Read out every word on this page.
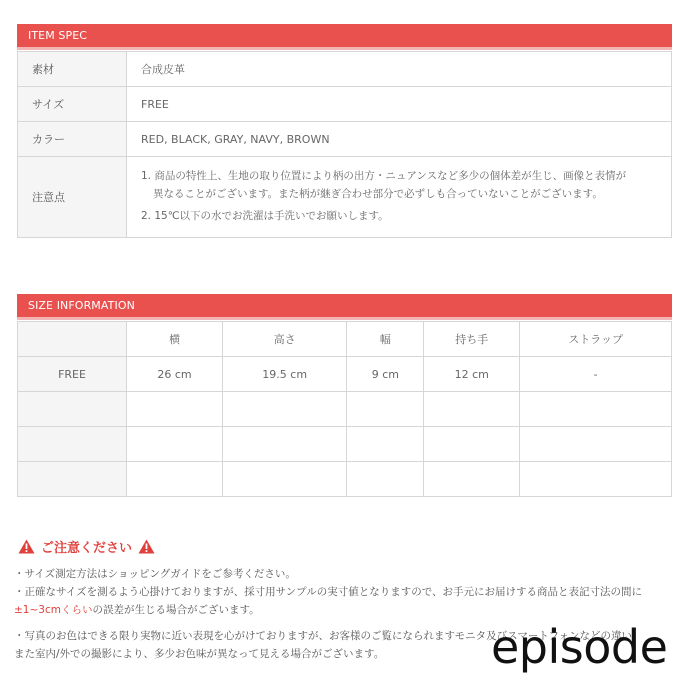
ITEM SPEC
素材	合成皮革
サイズ	FREE
カラー	RED, BLACK, GRAY, NAVY, BROWN
注意点	1. 商品の特性上、生地の取り位置により柄の出方・ニュアンスなど多少の個体差が生じ、画像と表情が

異なることがございます。また柄が継ぎ合わせ部分で必ずしも合っていないことがございます。

2. 15℃以下の水でお洗濯は手洗いでお願いします。

SIZE INFORMATION
	横	高さ	幅	持ち手	ストラップ
FREE	26 cm	19.5 cm	9 cm	12 cm	-

ご注意ください
・サイズ測定方法はショッピングガイドをご参考ください。
・正確なサイズを測るよう心掛けておりますが、採寸用サンプルの実寸値となりますので、お手元にお届けする商品と表記寸法の間に
±1~3cmくらいの誤差が生じる場合がございます。
・写真のお色はできる限り実物に近い表現を心がけておりますが、お客様のご覧になられますモニタ及びスマートフォンなどの違い、
また室内/外での撮影により、多少お色味が異なって見える場合がございます。 episode
